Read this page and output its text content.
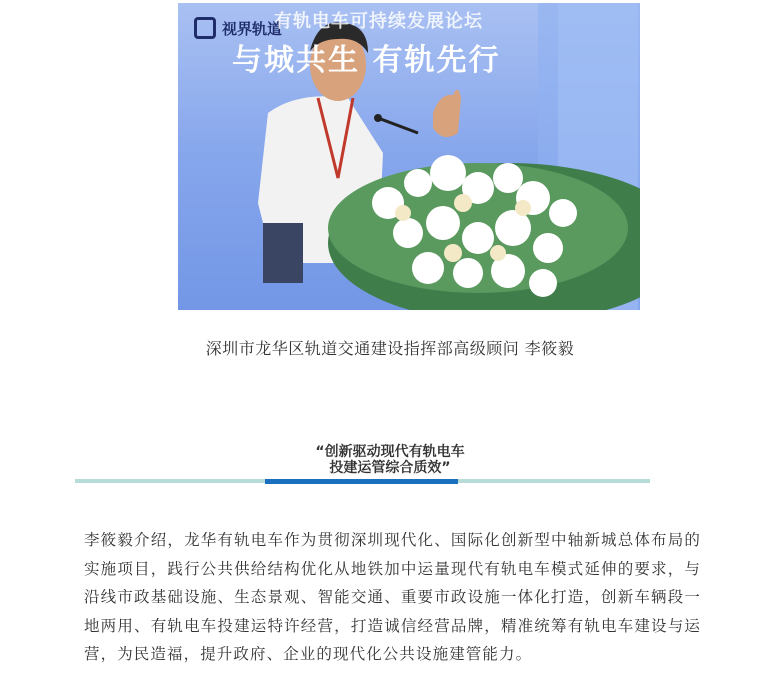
视界轨道
有轨电车可持续发展论坛
与城共生 有轨先行
深圳市龙华区轨道交通建设指挥部高级顾问 李筱毅
“创新驱动现代有轨电车
投建运管综合质效”

李筱毅介绍，龙华有轨电车作为贯彻深圳现代化、国际化创新型中轴新城总体布局的实施项目，践行公共供给结构优化从地铁加中运量现代有轨电车模式延伸的要求，与沿线市政基础设施、生态景观、智能交通、重要市政设施一体化打造，创新车辆段一地两用、有轨电车投建运特许经营，打造诚信经营品牌，精准统筹有轨电车建设与运营，为民造福，提升政府、企业的现代化公共设施建管能力。
